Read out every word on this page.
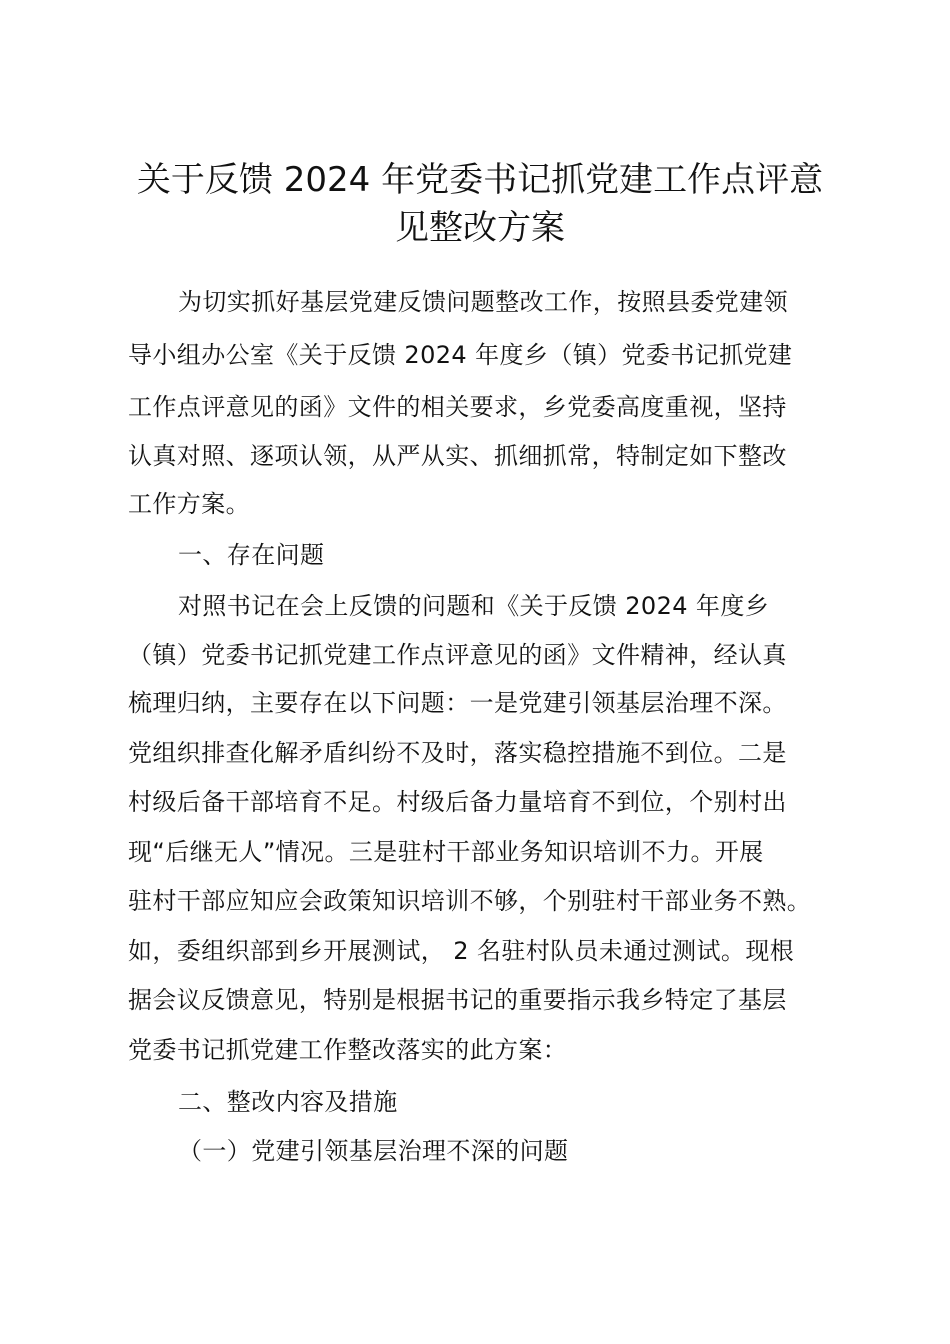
关于反馈 2024 年党委书记抓党建工作点评意
见整改方案
为切实抓好基层党建反馈问题整改工作，按照县委党建领
导小组办公室《关于反馈 2024 年度乡（镇）党委书记抓党建
工作点评意见的函》文件的相关要求，乡党委高度重视，坚持
认真对照、逐项认领，从严从实、抓细抓常，特制定如下整改
工作方案。
一、存在问题
对照书记在会上反馈的问题和《关于反馈 2024 年度乡
（镇）党委书记抓党建工作点评意见的函》文件精神，经认真
梳理归纳，主要存在以下问题：一是党建引领基层治理不深。
党组织排查化解矛盾纠纷不及时，落实稳控措施不到位。二是
村级后备干部培育不足。村级后备力量培育不到位，个别村出
现“后继无人”情况。三是驻村干部业务知识培训不力。开展
驻村干部应知应会政策知识培训不够，个别驻村干部业务不熟。
如，委组织部到乡开展测试， 2 名驻村队员未通过测试。现根
据会议反馈意见，特别是根据书记的重要指示我乡特定了基层
党委书记抓党建工作整改落实的此方案：
二、整改内容及措施
（一）党建引领基层治理不深的问题
